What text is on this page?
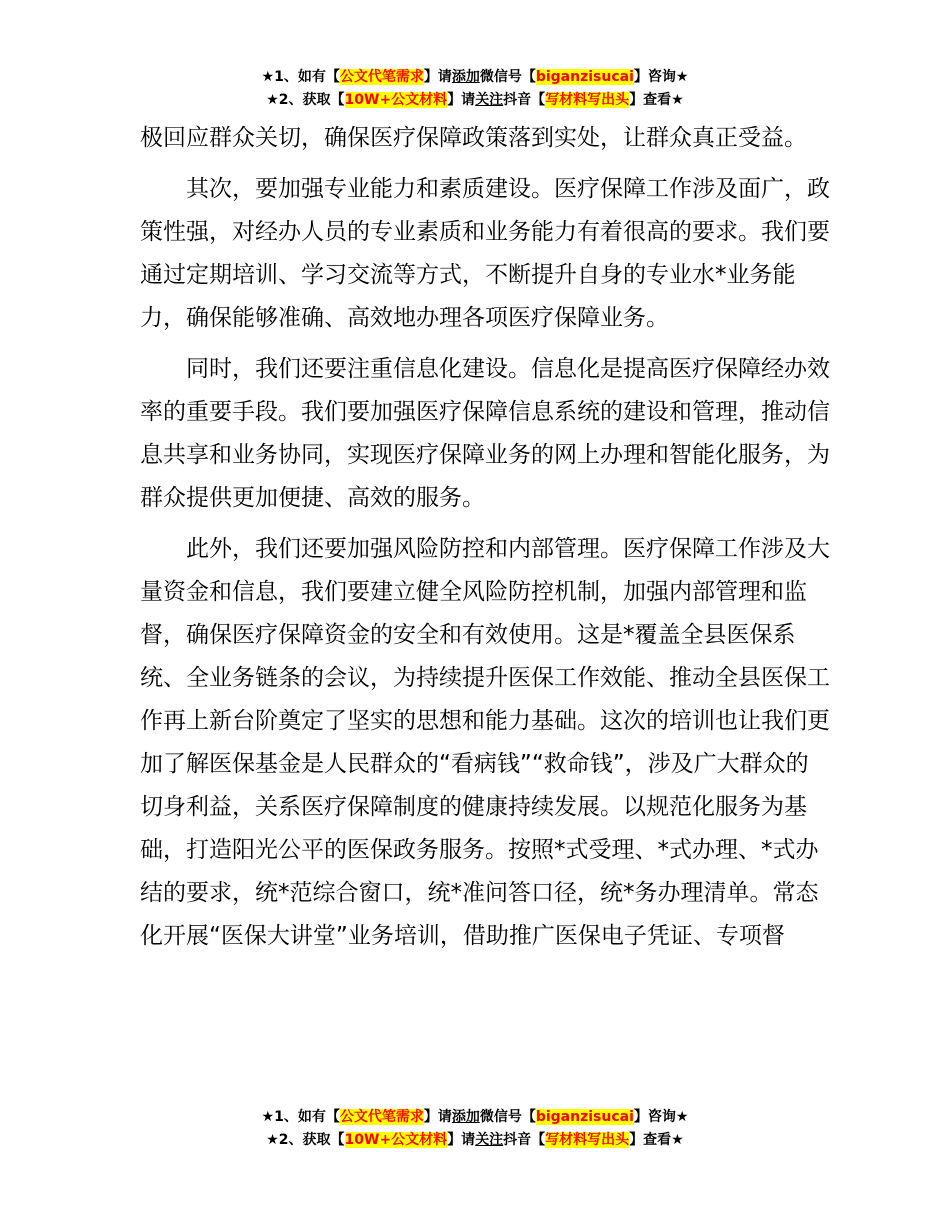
★1、如有【公文代笔需求】请添加微信号【biganzisucai】咨询★
★2、获取【10W+公文材料】请关注抖音【写材料写出头】查看★

极回应群众关切，确保医疗保障政策落到实处，让群众真正受益。

其次，要加强专业能力和素质建设。医疗保障工作涉及面广，政策性强，对经办人员的专业素质和业务能力有着很高的要求。我们要通过定期培训、学习交流等方式，不断提升自身的专业水*业务能力，确保能够准确、高效地办理各项医疗保障业务。

同时，我们还要注重信息化建设。信息化是提高医疗保障经办效率的重要手段。我们要加强医疗保障信息系统的建设和管理，推动信息共享和业务协同，实现医疗保障业务的网上办理和智能化服务，为群众提供更加便捷、高效的服务。

此外，我们还要加强风险防控和内部管理。医疗保障工作涉及大量资金和信息，我们要建立健全风险防控机制，加强内部管理和监督，确保医疗保障资金的安全和有效使用。这是*覆盖全县医保系统、全业务链条的会议，为持续提升医保工作效能、推动全县医保工作再上新台阶奠定了坚实的思想和能力基础。这次的培训也让我们更加了解医保基金是人民群众的“看病钱”“救命钱”，涉及广大群众的切身利益，关系医疗保障制度的健康持续发展。以规范化服务为基础，打造阳光公平的医保政务服务。按照*式受理、*式办理、*式办结的要求，统*范综合窗口，统*准问答口径，统*务办理清单。常态化开展“医保大讲堂”业务培训，借助推广医保电子凭证、专项督

★1、如有【公文代笔需求】请添加微信号【biganzisucai】咨询★
★2、获取【10W+公文材料】请关注抖音【写材料写出头】查看★
